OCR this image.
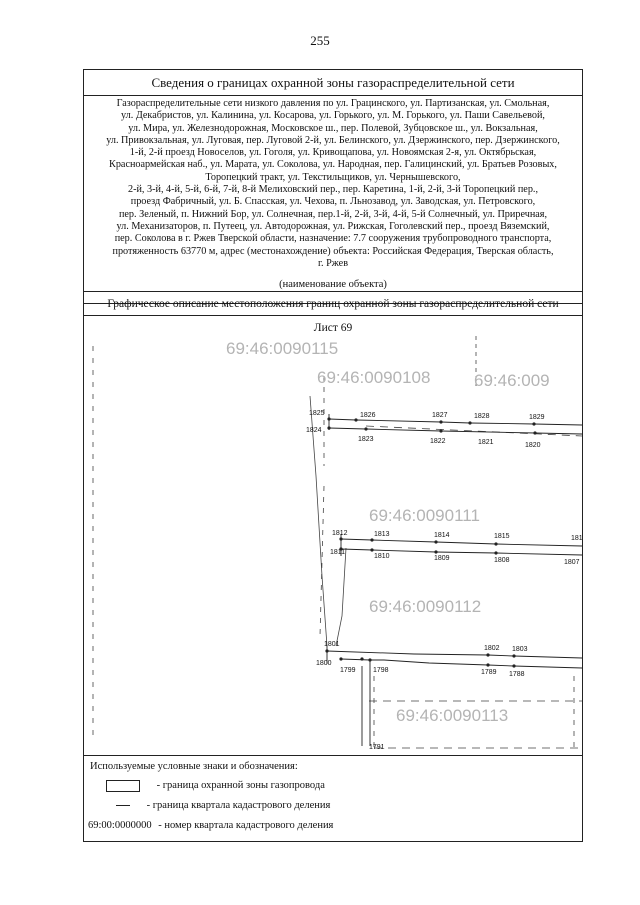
255
Сведения о границах охранной зоны газораспределительной сети
Газораспределительные сети низкого давления по ул. Грацинского, ул. Партизанская, ул. Смольная,
ул. Декабристов, ул. Калинина, ул. Косарова, ул. Горького, ул. М. Горького, ул. Паши Савельевой,
ул. Мира, ул. Железнодорожная, Московское ш., пер. Полевой, Зубцовское ш., ул. Вокзальная,
ул. Привокзальная, ул. Луговая, пер. Луговой 2-й, ул. Белинского, ул. Дзержинского, пер. Дзержинского,
1-й, 2-й проезд Новоселов, ул. Гоголя, ул. Кривощапова, ул. Новоямская 2-я, ул. Октябрьская,
Красноармейская наб., ул. Марата, ул. Соколова, ул. Народная, пер. Галицинский, ул. Братьев Розовых,
Торопецкий тракт, ул. Текстильщиков, ул. Чернышевского,
2-й, 3-й, 4-й, 5-й, 6-й, 7-й, 8-й Мелиховский пер., пер. Каретина, 1-й, 2-й, 3-й Торопецкий пер.,
проезд Фабричный, ул. Б. Спасская, ул. Чехова, п. Льнозавод, ул. Заводская, ул. Петровского,
пер. Зеленый, п. Нижний Бор, ул. Солнечная, пер.1-й, 2-й, 3-й, 4-й, 5-й Солнечный, ул. Приречная,
ул. Механизаторов, п. Путеец, ул. Автодорожная, ул. Рижская, Гоголевский пер., проезд Вяземский,
пер. Соколова в г. Ржев Тверской области, назначение: 7.7 сооружения трубопроводного транспорта,
протяженность 63770 м, адрес (местонахождение) объекта: Российская Федерация, Тверская область,
г. Ржев
(наименование объекта)
Графическое описание местоположения границ охранной зоны газораспределительной сети
Лист 69
69:46:0090115
69:46:0090108	69:46:009
69:46:0090111
69:46:0090112
69:46:0090113
1825	1826	1827	1828	1829
1824
1823	1822	1821	1820
1812	1813	1814	1815	181
1811
1810	1809	1808	1807
1801
1802 1803
1800
1799 1798	1789 1788
1791
Используемые условные знаки и обозначения:
- граница охранной зоны газопровода
- граница квартала кадастрового деления
69:00:0000000 - номер квартала кадастрового деления
